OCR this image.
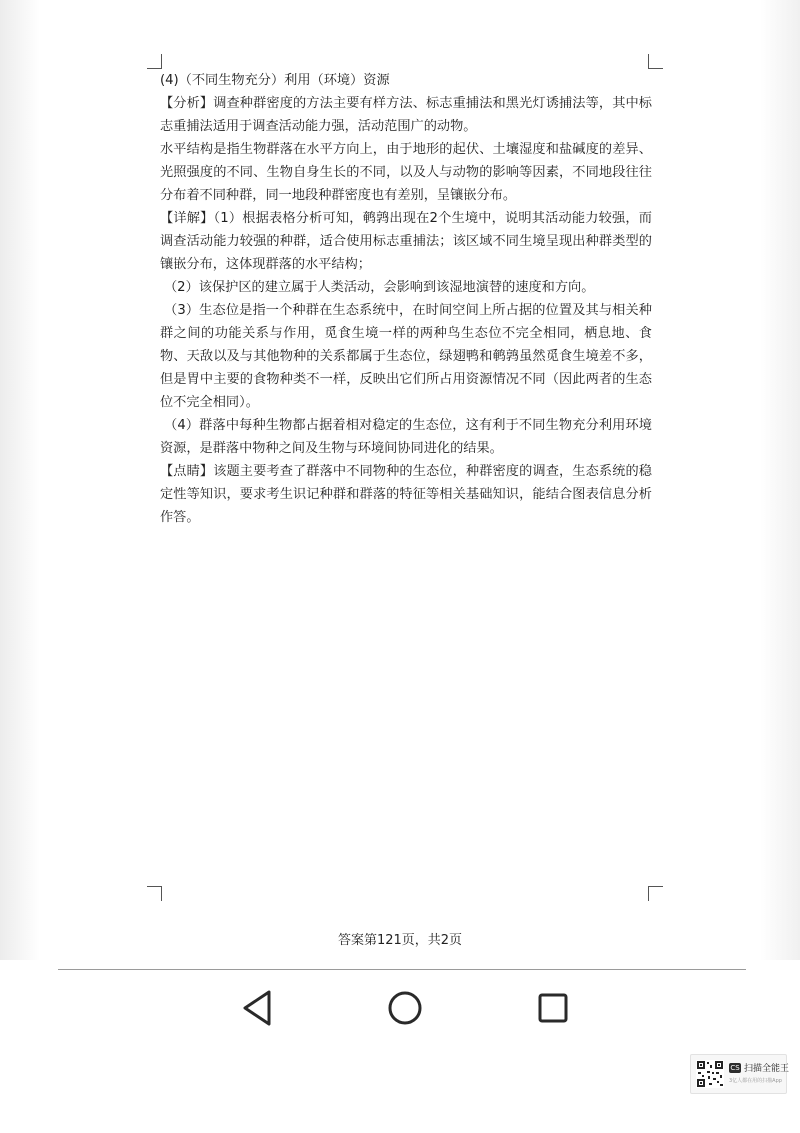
(4)（不同生物充分）利用（环境）资源

【分析】调查种群密度的方法主要有样方法、标志重捕法和黑光灯诱捕法等，其中标志重捕法适用于调查活动能力强，活动范围广的动物。

水平结构是指生物群落在水平方向上，由于地形的起伏、土壤湿度和盐碱度的差异、光照强度的不同、生物自身生长的不同，以及人与动物的影响等因素，不同地段往往分布着不同种群，同一地段种群密度也有差别，呈镶嵌分布。

【详解】（1）根据表格分析可知，鹌鹑出现在2个生境中，说明其活动能力较强，而调查活动能力较强的种群，适合使用标志重捕法；该区域不同生境呈现出种群类型的镶嵌分布，这体现群落的水平结构；

（2）该保护区的建立属于人类活动，会影响到该湿地演替的速度和方向。

（3）生态位是指一个种群在生态系统中，在时间空间上所占据的位置及其与相关种群之间的功能关系与作用，觅食生境一样的两种鸟生态位不完全相同，栖息地、食物、天敌以及与其他物种的关系都属于生态位，绿翅鸭和鹌鹑虽然觅食生境差不多，但是胃中主要的食物种类不一样，反映出它们所占用资源情况不同（因此两者的生态位不完全相同）。

（4）群落中每种生物都占据着相对稳定的生态位，这有利于不同生物充分利用环境资源，是群落中物种之间及生物与环境间协同进化的结果。

【点睛】该题主要考查了群落中不同物种的生态位，种群密度的调查，生态系统的稳定性等知识，要求考生识记种群和群落的特征等相关基础知识，能结合图表信息分析作答。

答案第121页，共2页
CS 扫描全能王
3亿人都在用的扫描App
